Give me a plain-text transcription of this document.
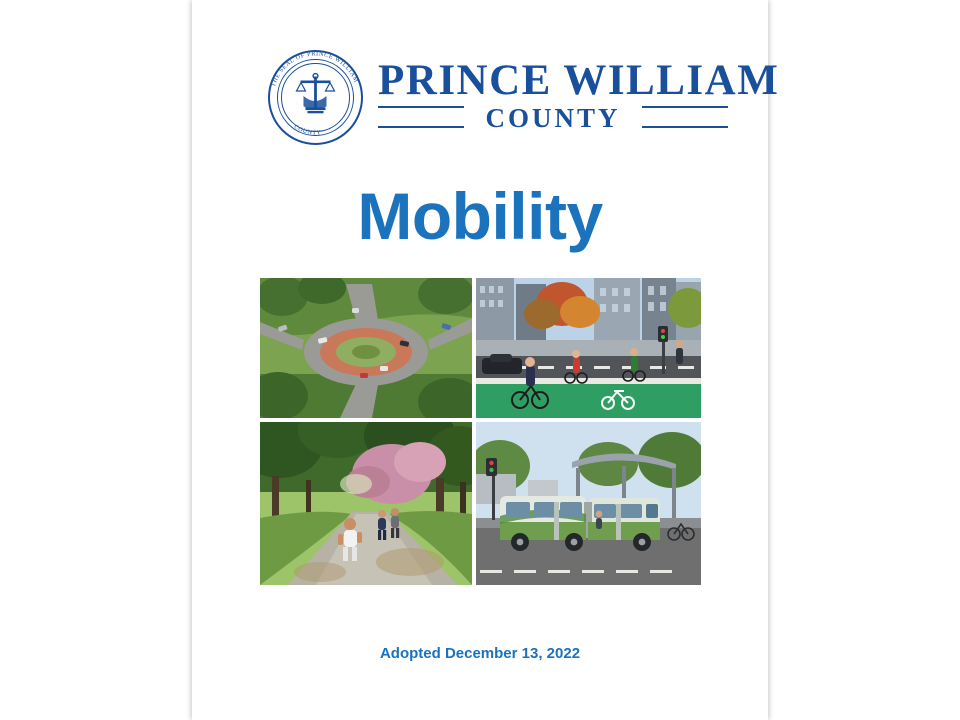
THE SEAL OF PRINCE WILLIAM
COUNTY
PRINCE WILLIAM
COUNTY
Mobility
Adopted December 13, 2022
